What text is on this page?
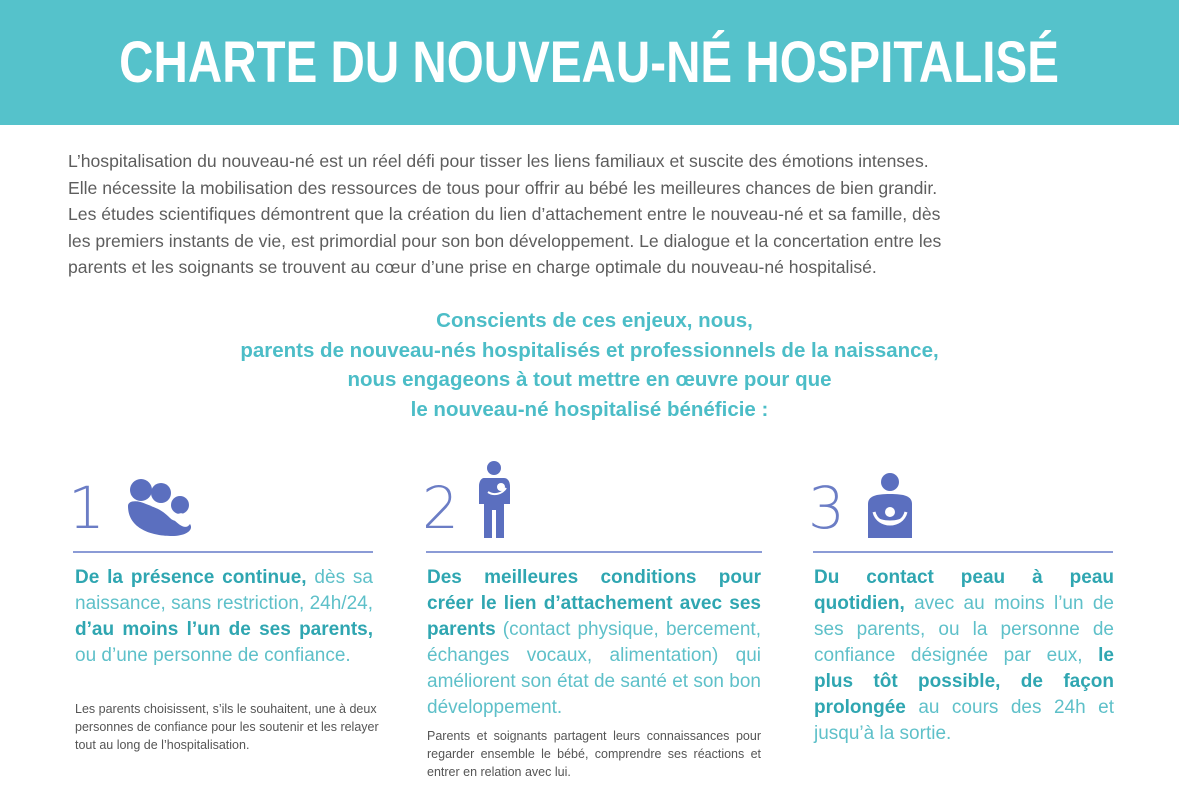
CHARTE DU NOUVEAU-NÉ HOSPITALISÉ

L’hospitalisation du nouveau-né est un réel défi pour tisser les liens familiaux et suscite des émotions intenses.

Elle nécessite la mobilisation des ressources de tous pour offrir au bébé les meilleures chances de bien grandir.

Les études scientifiques démontrent que la création du lien d’attachement entre le nouveau-né et sa famille, dès

les premiers instants de vie, est primordial pour son bon développement. Le dialogue et la concertation entre les

parents et les soignants se trouvent au cœur d’une prise en charge optimale du nouveau-né hospitalisé.

Conscients de ces enjeux, nous,

parents de nouveau-nés hospitalisés et professionnels de la naissance,

nous engageons à tout mettre en œuvre pour que

le nouveau-né hospitalisé bénéficie :

1
De la présence continue, dès sa naissance, sans restriction, 24h/24, d’au moins l’un de ses parents, ou d’une personne de confiance.
Les parents choisissent, s’ils le souhaitent, une à deux personnes de confiance pour les soutenir et les relayer tout au long de l’hospitalisation.
2
Des meilleures conditions pour créer le lien d’attachement avec ses parents (contact physique, bercement, échanges vocaux, alimentation) qui améliorent son état de santé et son bon développement.
Parents et soignants partagent leurs connaissances pour regarder ensemble le bébé, comprendre ses réactions et entrer en relation avec lui.
3
Du contact peau à peau quotidien, avec au moins l’un de ses parents, ou la personne de confiance désignée par eux, le plus tôt possible, de façon prolongée au cours des 24h et jusqu’à la sortie.
